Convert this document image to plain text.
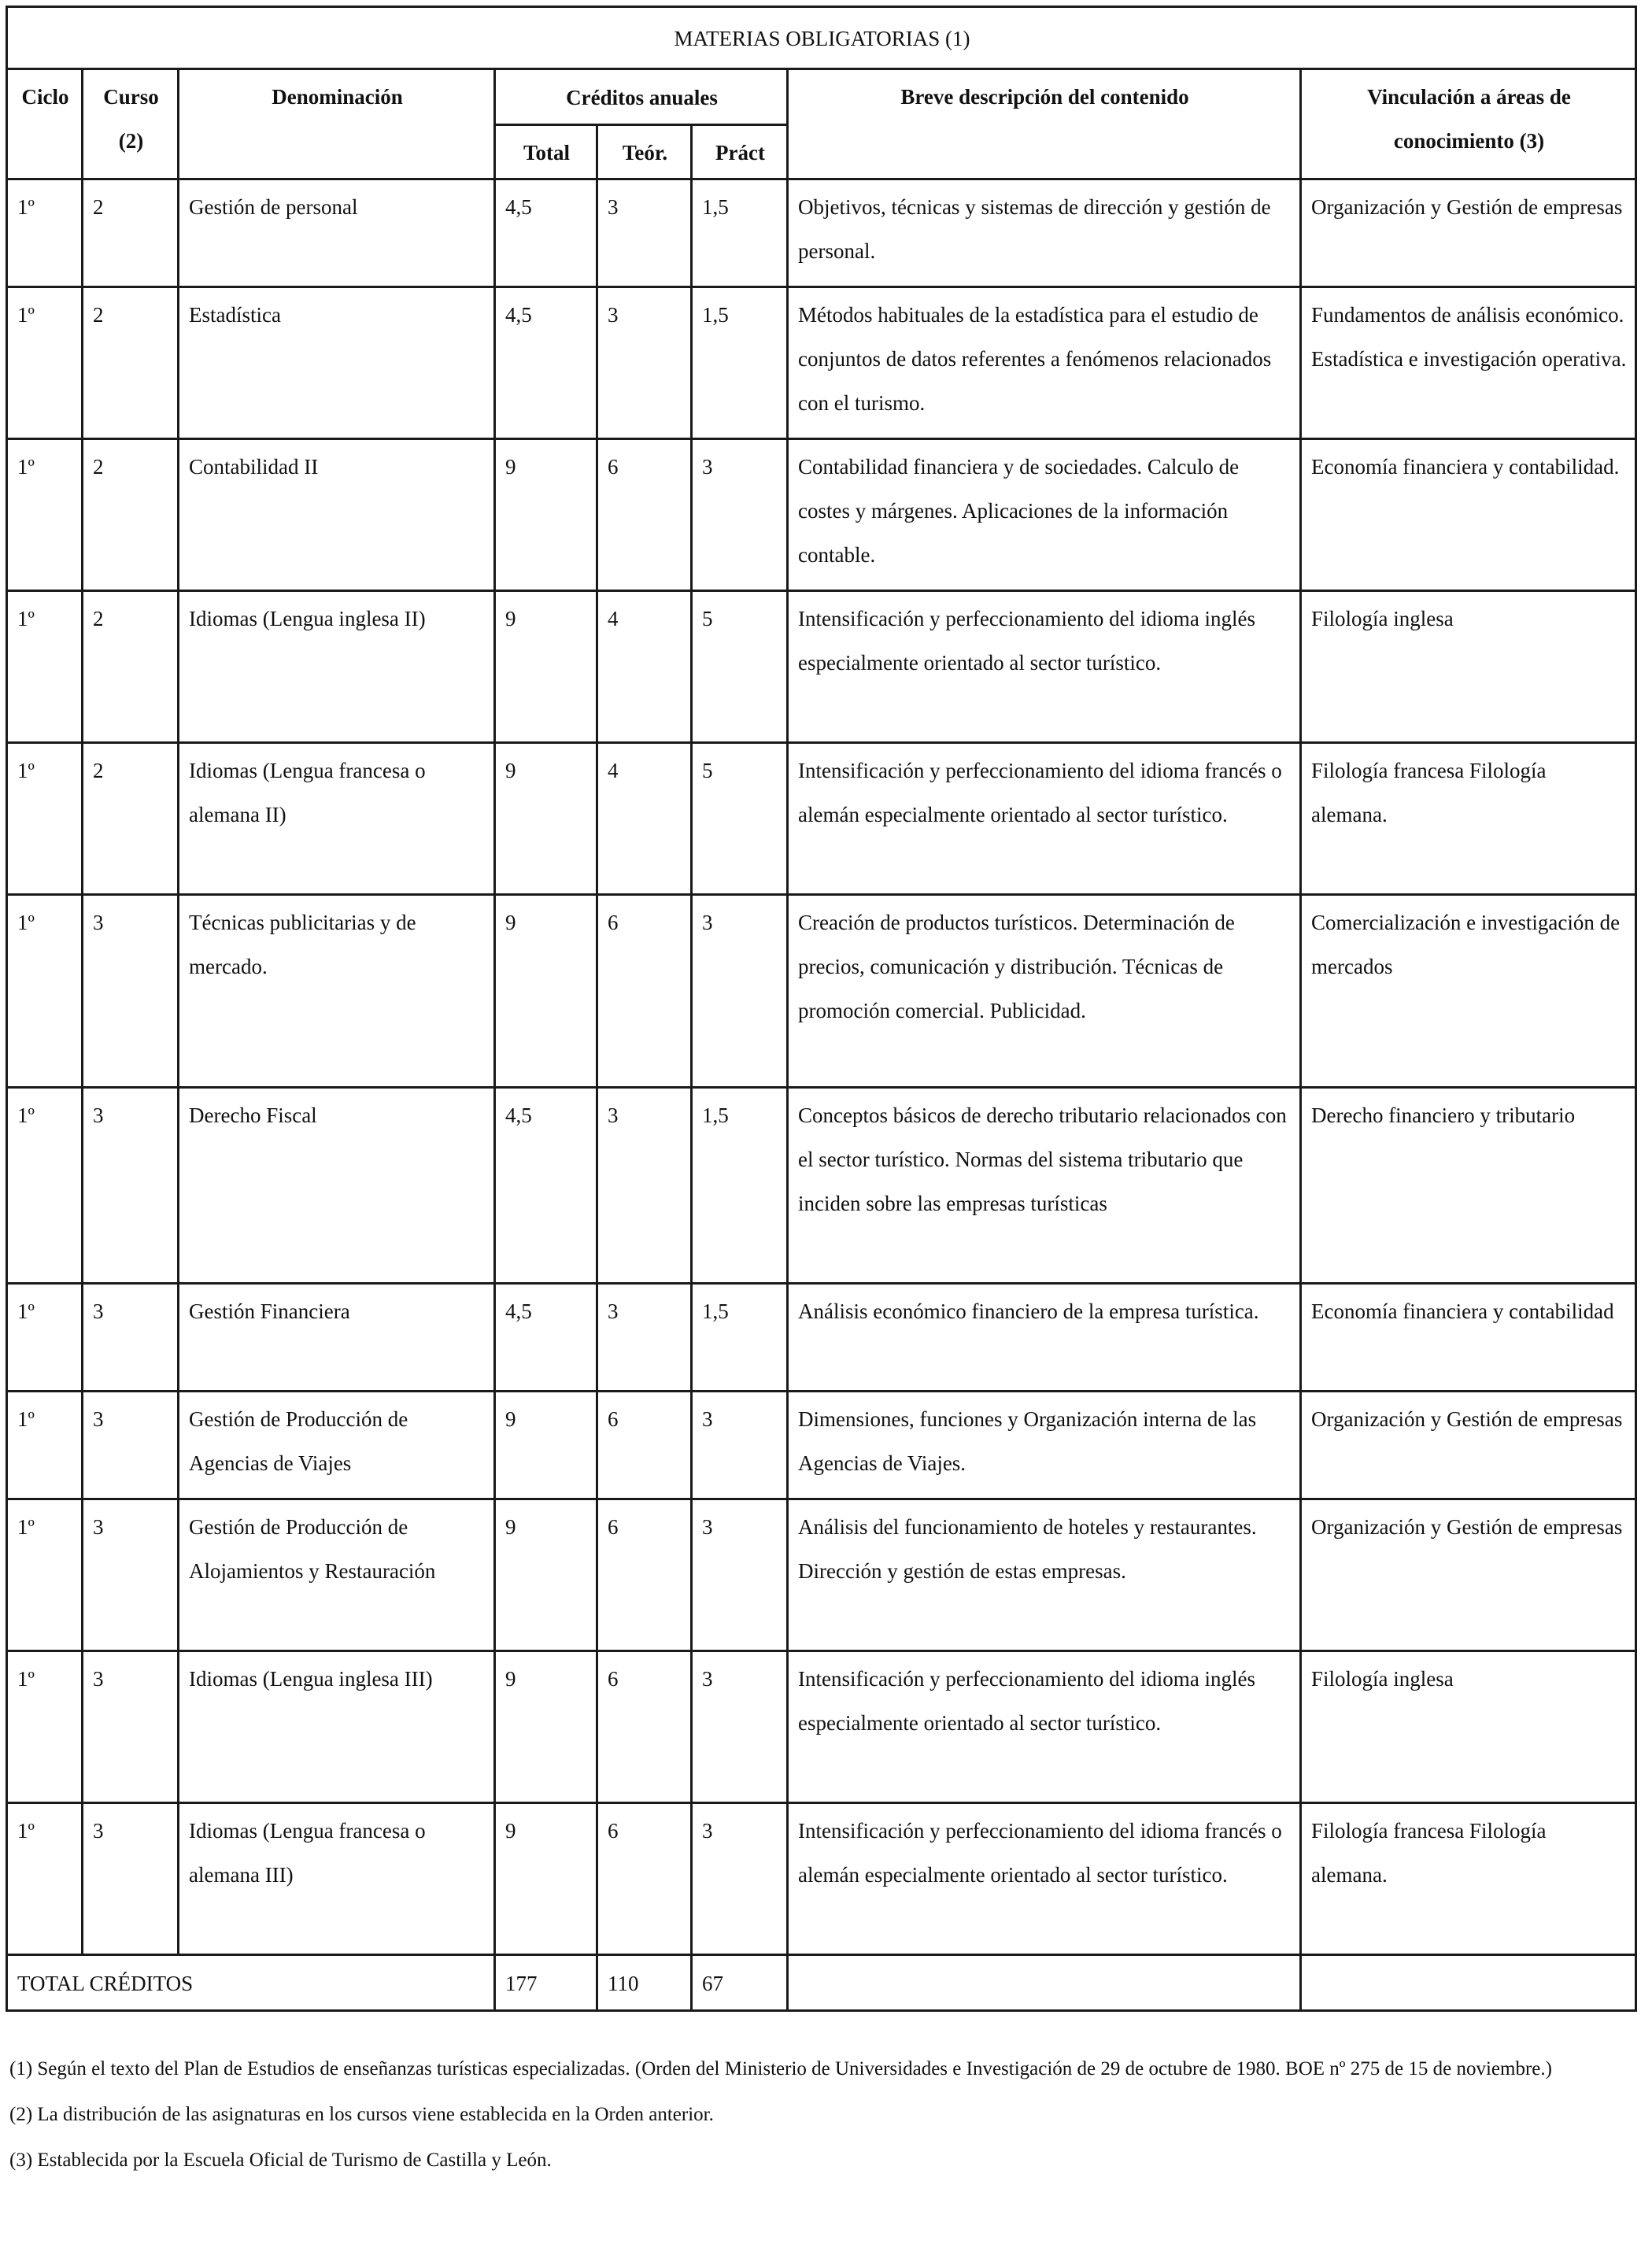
MATERIAS OBLIGATORIAS (1)							
Ciclo	Curso (2)	Denominación	Créditos anuales			Breve descripción del contenido	Vinculación a áreas de conocimiento (3)
			Total	Teór.	Práct		
1º	2	Gestión de personal	4,5	3	1,5	Objetivos, técnicas y sistemas de dirección y gestión de personal.	Organización y Gestión de empresas
1º	2	Estadística	4,5	3	1,5	Métodos habituales de la estadística para el estudio de conjuntos de datos referentes a fenómenos relacionados con el turismo.	Fundamentos de análisis económico. Estadística e investigación operativa.
1º	2	Contabilidad II	9	6	3	Contabilidad financiera y de sociedades. Calculo de costes y márgenes. Aplicaciones de la información contable.	Economía financiera y contabilidad.
1º	2	Idiomas (Lengua inglesa II)	9	4	5	Intensificación y perfeccionamiento del idioma inglés especialmente orientado al sector turístico.	Filología inglesa
1º	2	Idiomas (Lengua francesa o alemana II)	9	4	5	Intensificación y perfeccionamiento del idioma francés o alemán especialmente orientado al sector turístico.	Filología francesa Filología alemana.
1º	3	Técnicas publicitarias y de mercado.	9	6	3	Creación de productos turísticos. Determinación de precios, comunicación y distribución. Técnicas de promoción comercial. Publicidad.	Comercialización e investigación de mercados
1º	3	Derecho Fiscal	4,5	3	1,5	Conceptos básicos de derecho tributario relacionados con el sector turístico. Normas del sistema tributario que inciden sobre las empresas turísticas	Derecho financiero y tributario
1º	3	Gestión Financiera	4,5	3	1,5	Análisis económico financiero de la empresa turística.	Economía financiera y contabilidad
1º	3	Gestión de Producción de Agencias de Viajes	9	6	3	Dimensiones, funciones y Organización interna de las Agencias de Viajes.	Organización y Gestión de empresas
1º	3	Gestión de Producción de Alojamientos y Restauración	9	6	3	Análisis del funcionamiento de hoteles y restaurantes. Dirección y gestión de estas empresas.	Organización y Gestión de empresas
1º	3	Idiomas (Lengua inglesa III)	9	6	3	Intensificación y perfeccionamiento del idioma inglés especialmente orientado al sector turístico.	Filología inglesa
1º	3	Idiomas (Lengua francesa o alemana III)	9	6	3	Intensificación y perfeccionamiento del idioma francés o alemán especialmente orientado al sector turístico.	Filología francesa Filología alemana.
TOTAL CRÉDITOS			177	110	67		

(1) Según el texto del Plan de Estudios de enseñanzas turísticas especializadas. (Orden del Ministerio de Universidades e Investigación de 29 de octubre de 1980. BOE nº 275 de 15 de noviembre.)

(2) La distribución de las asignaturas en los cursos viene establecida en la Orden anterior.

(3) Establecida por la Escuela Oficial de Turismo de Castilla y León.
